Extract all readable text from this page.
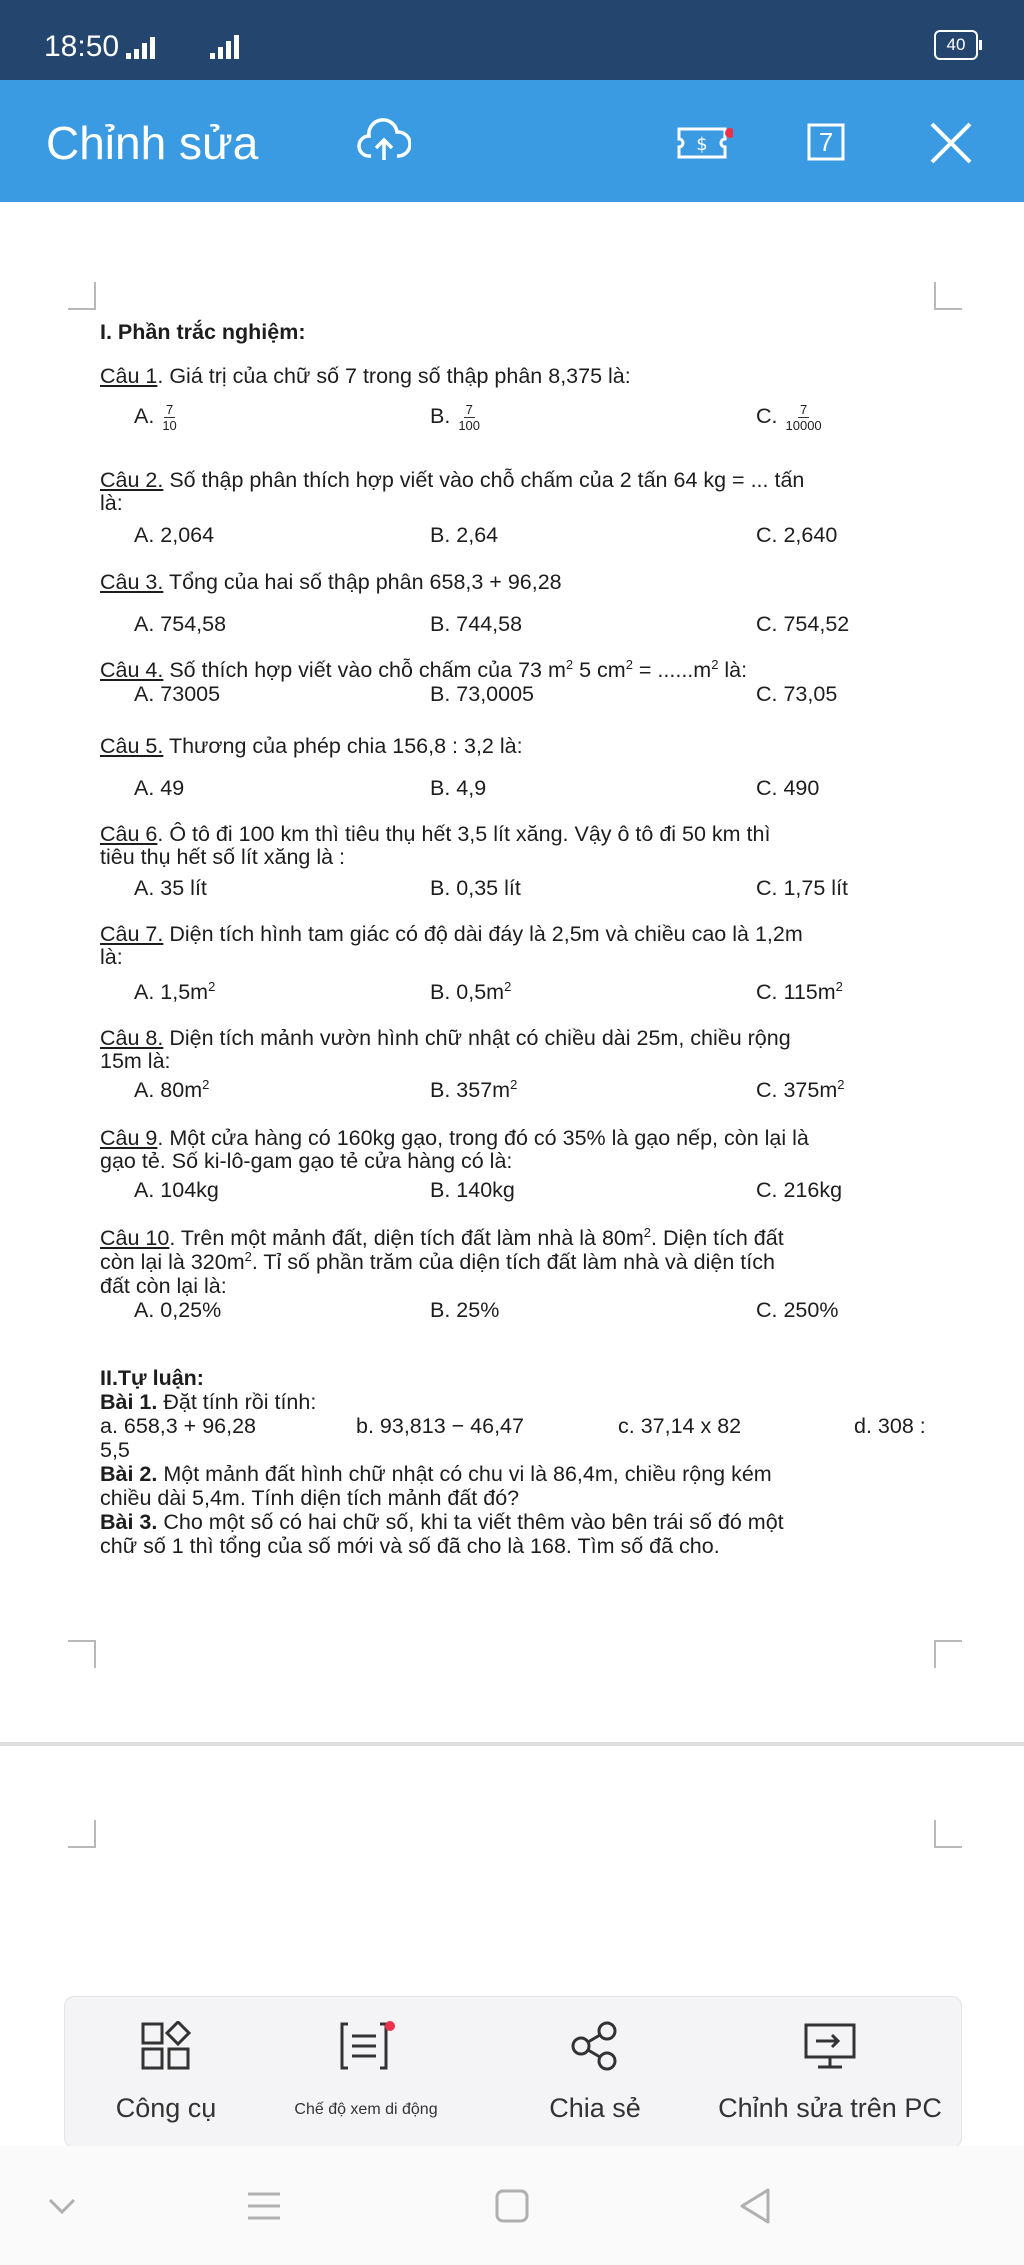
18:50	40
Chỉnh sửa	$	7
I. Phần trắc nghiệm:
Câu 1. Giá trị của chữ số 7 trong số thập phân 8,375 là:
A. $\frac{7}{10}$	B. $\frac{7}{100}$	C. $\frac{7}{10000}$
Câu 2. Số thập phân thích hợp viết vào chỗ chấm của 2 tấn 64 kg = ... tấn
là:
A. 2,064	B. 2,64	C. 2,640
Câu 3. Tổng của hai số thập phân 658,3 + 96,28
A. 754,58	B. 744,58	C. 754,52
Câu 4. Số thích hợp viết vào chỗ chấm của 73 $m^2$ 5 $cm^2 = ......m^2$ là:
A. 73005	B. 73,0005	C. 73,05
Câu 5. Thương của phép chia 156,8 : 3,2 là:
A. 49	B. 4,9	C. 490
Câu 6. Ô tô đi 100 km thì tiêu thụ hết 3,5 lít xăng. Vậy ô tô đi 50 km thì
tiêu thụ hết số lít xăng là :
A. 35 lít	B. 0,35 lít	C. 1,75 lít
Câu 7. Diện tích hình tam giác có độ dài đáy là 2,5m và chiều cao là 1,2m
là:
A. $1,5m^2$	B. $0,5m^2$	C. $115m^2$
Câu 8. Diện tích mảnh vườn hình chữ nhật có chiều dài 25m, chiều rộng
15m là:
A. $80m^2$	B. $357m^2$	C. $375m^2$
Câu 9. Một cửa hàng có 160kg gạo, trong đó có 35% là gạo nếp, còn lại là
gạo tẻ. Số ki-lô-gam gạo tẻ cửa hàng có là:
A. 104kg	B. 140kg	C. 216kg
Câu 10. Trên một mảnh đất, diện tích đất làm nhà là $80m^2$. Diện tích đất
còn lại là $320m^2$. Tỉ số phần trăm của diện tích đất làm nhà và diện tích
đất còn lại là:
A. 0,25%	B. 25%	C. 250%
II.Tự luận:
Bài 1. Đặt tính rồi tính:
a. 658,3 + 96,28	b. 93,813 − 46,47	c. 37,14 x 82	d. 308 :
5,5
Bài 2. Một mảnh đất hình chữ nhật có chu vi là 86,4m, chiều rộng kém
chiều dài 5,4m. Tính diện tích mảnh đất đó?
Bài 3. Cho một số có hai chữ số, khi ta viết thêm vào bên trái số đó một
chữ số 1 thì tổng của số mới và số đã cho là 168. Tìm số đã cho.
Công cụ	Chế độ xem di động	Chia sẻ	Chỉnh sửa trên PC
